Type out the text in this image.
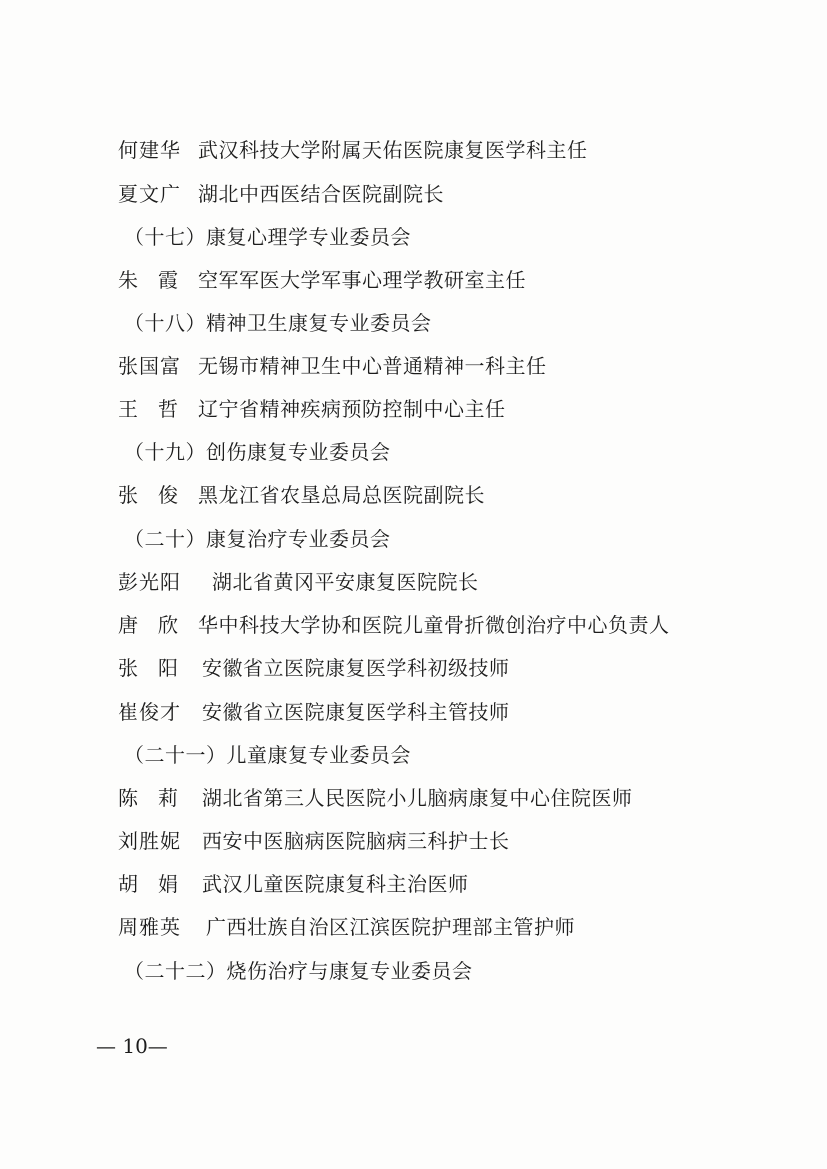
何建华 武汉科技大学附属天佑医院康复医学科主任
夏文广 湖北中西医结合医院副院长
（十七）康复心理学专业委员会
朱　霞 空军军医大学军事心理学教研室主任
（十八）精神卫生康复专业委员会
张国富 无锡市精神卫生中心普通精神一科主任
王　哲 辽宁省精神疾病预防控制中心主任
（十九）创伤康复专业委员会
张　俊 黑龙江省农垦总局总医院副院长
（二十）康复治疗专业委员会
彭光阳 湖北省黄冈平安康复医院院长
唐　欣 华中科技大学协和医院儿童骨折微创治疗中心负责人
张　阳 安徽省立医院康复医学科初级技师
崔俊才 安徽省立医院康复医学科主管技师
（二十一）儿童康复专业委员会
陈　莉 湖北省第三人民医院小儿脑病康复中心住院医师
刘胜妮 西安中医脑病医院脑病三科护士长
胡　娟 武汉儿童医院康复科主治医师
周雅英 广西壮族自治区江滨医院护理部主管护师
（二十二）烧伤治疗与康复专业委员会
— 10—
